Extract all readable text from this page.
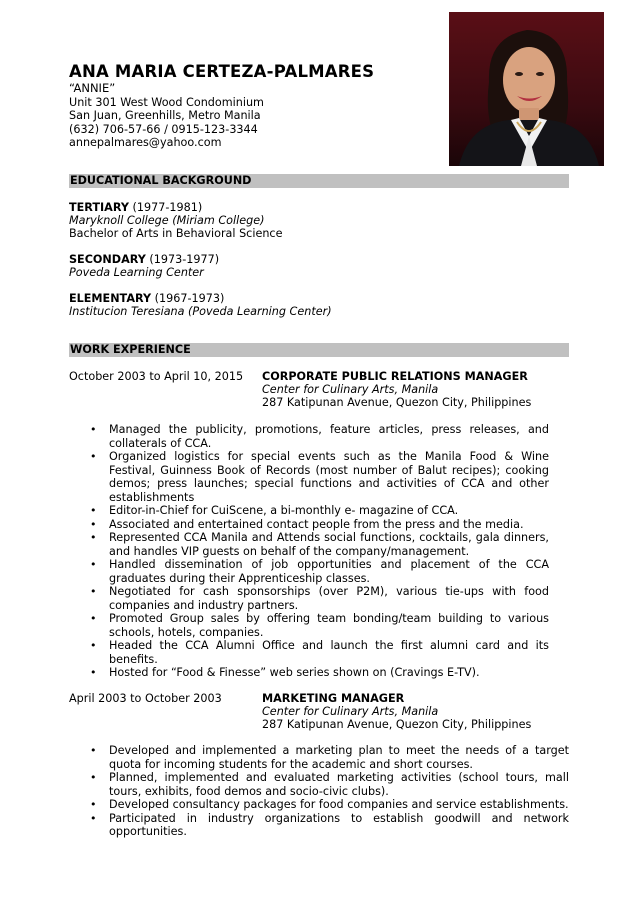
ANA MARIA CERTEZA-PALMARES
“ANNIE”
Unit 301 West Wood Condominium
San Juan, Greenhills, Metro Manila
(632) 706-57-66 / 0915-123-3344
annepalmares@yahoo.com
EDUCATIONAL BACKGROUND
TERTIARY (1977-1981)
Maryknoll College (Miriam College)
Bachelor of Arts in Behavioral Science
SECONDARY (1973-1977)
Poveda Learning Center
ELEMENTARY (1967-1973)
Institucion Teresiana (Poveda Learning Center)
WORK EXPERIENCE
October 2003 to April 10, 2015 CORPORATE PUBLIC RELATIONS MANAGER
Center for Culinary Arts, Manila
287 Katipunan Avenue, Quezon City, Philippines
• Managed the publicity, promotions, feature articles, press releases, and collaterals of CCA.
• Organized logistics for special events such as the Manila Food & Wine Festival, Guinness Book of Records (most number of Balut recipes); cooking demos; press launches; special functions and activities of CCA and other establishments
• Editor-in-Chief for CuiScene, a bi-monthly e- magazine of CCA.
• Associated and entertained contact people from the press and the media.
• Represented CCA Manila and Attends social functions, cocktails, gala dinners, and handles VIP guests on behalf of the company/management.
• Handled dissemination of job opportunities and placement of the CCA graduates during their Apprenticeship classes.
• Negotiated for cash sponsorships (over P2M), various tie-ups with food companies and industry partners.
• Promoted Group sales by offering team bonding/team building to various schools, hotels, companies.
• Headed the CCA Alumni Office and launch the first alumni card and its benefits.
• Hosted for “Food & Finesse” web series shown on (Cravings E-TV).
April 2003 to October 2003	MARKETING MANAGER
Center for Culinary Arts, Manila
287 Katipunan Avenue, Quezon City, Philippines
• Developed and implemented a marketing plan to meet the needs of a target quota for incoming students for the academic and short courses.
• Planned, implemented and evaluated marketing activities (school tours, mall tours, exhibits, food demos and socio-civic clubs).
• Developed consultancy packages for food companies and service establishments.
• Participated in industry organizations to establish goodwill and network opportunities.
